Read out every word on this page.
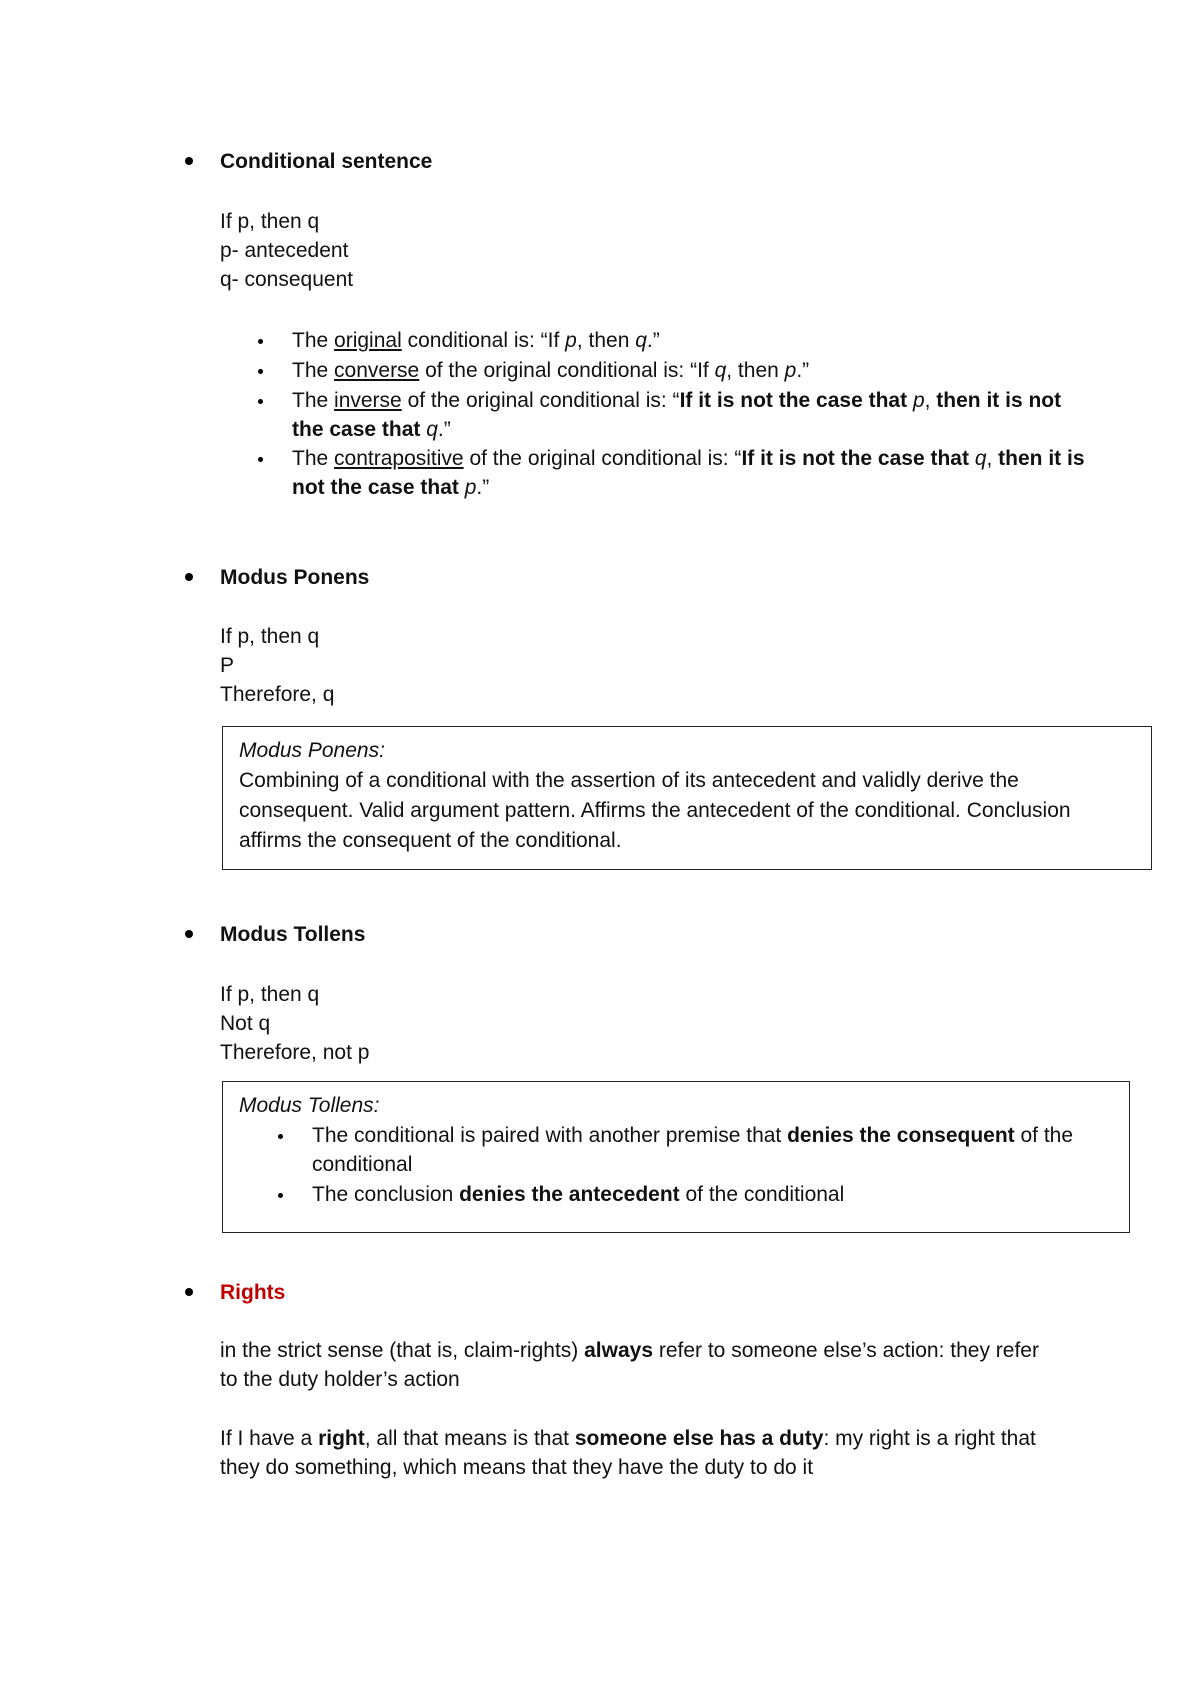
Conditional sentence
If p, then q
p- antecedent
q- consequent
The original conditional is: “If p, then q.”
The converse of the original conditional is: “If q, then p.”
The inverse of the original conditional is: “If it is not the case that p, then it is not the case that q.”
The contrapositive of the original conditional is: “If it is not the case that q, then it is not the case that p.”
Modus Ponens
If p, then q
P
Therefore, q
Modus Ponens:
Combining of a conditional with the assertion of its antecedent and validly derive the consequent. Valid argument pattern. Affirms the antecedent of the conditional. Conclusion affirms the consequent of the conditional.
Modus Tollens
If p, then q
Not q
Therefore, not p
Modus Tollens:
The conditional is paired with another premise that denies the consequent of the conditional
The conclusion denies the antecedent of the conditional
Rights
in the strict sense (that is, claim-rights) always refer to someone else’s action: they refer to the duty holder’s action
If I have a right, all that means is that someone else has a duty: my right is a right that they do something, which means that they have the duty to do it
